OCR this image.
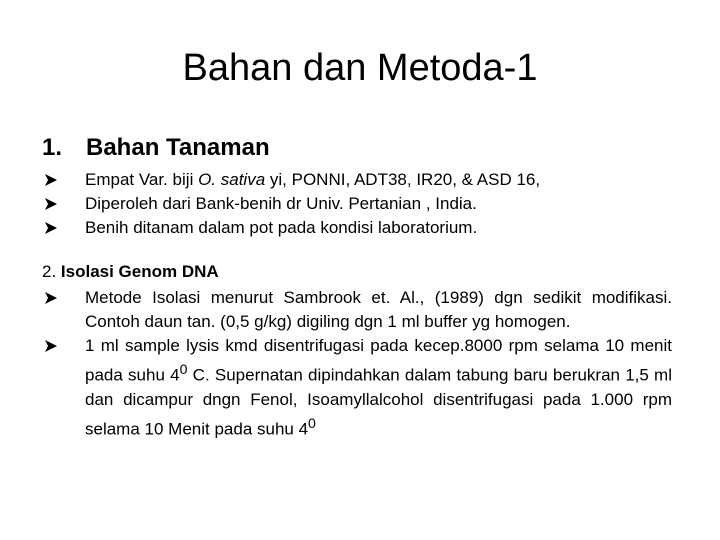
Bahan dan Metoda-1
1. Bahan Tanaman
Empat Var. biji O. sativa yi, PONNI, ADT38, IR20, & ASD 16,
Diperoleh dari Bank-benih dr Univ. Pertanian , India.
Benih ditanam dalam pot pada kondisi laboratorium.
2. Isolasi Genom DNA
Metode Isolasi menurut Sambrook et. Al., (1989) dgn sedikit modifikasi. Contoh daun tan. (0,5 g/kg) digiling dgn 1 ml buffer yg homogen.
1 ml sample lysis kmd disentrifugasi pada kecep.8000 rpm selama 10 menit pada suhu $4^0$ C. Supernatan dipindahkan dalam tabung baru berukran 1,5 ml dan dicampur dngn Fenol, Isoamyllalcohol disentrifugasi pada 1.000 rpm selama 10 Menit pada suhu $4^0$
